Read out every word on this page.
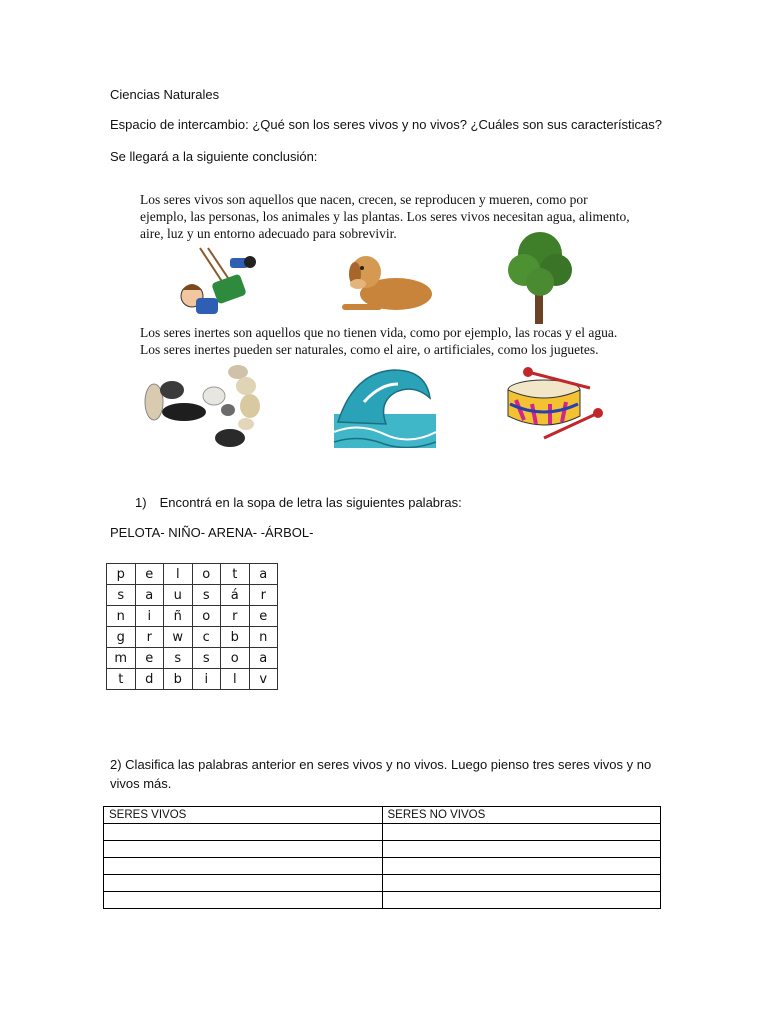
Ciencias Naturales
Espacio de intercambio: ¿Qué son los seres vivos y no vivos? ¿Cuáles son sus características?
Se llegará a la siguiente conclusión:
Los seres vivos son aquellos que nacen, crecen, se reproducen y mueren, como por ejemplo, las personas, los animales y las plantas. Los seres vivos necesitan agua, alimento, aire, luz y un entorno adecuado para sobrevivir.
Los seres inertes son aquellos que no tienen vida, como por ejemplo, las rocas y el agua. Los seres inertes pueden ser naturales, como el aire, o artificiales, como los juguetes.
1) Encontrá en la sopa de letra las siguientes palabras:
PELOTA- NIÑO- ARENA- -ÁRBOL-
p	e	l	o	t	a
s	a	u	s	á	r
n	i	ñ	o	r	e
g	r	w	c	b	n
m	e	s	s	o	a
t	d	b	i	l	v
2) Clasifica las palabras anterior en seres vivos y no vivos. Luego pienso tres seres vivos y no
vivos más.
SERES VIVOS	SERES NO VIVOS
